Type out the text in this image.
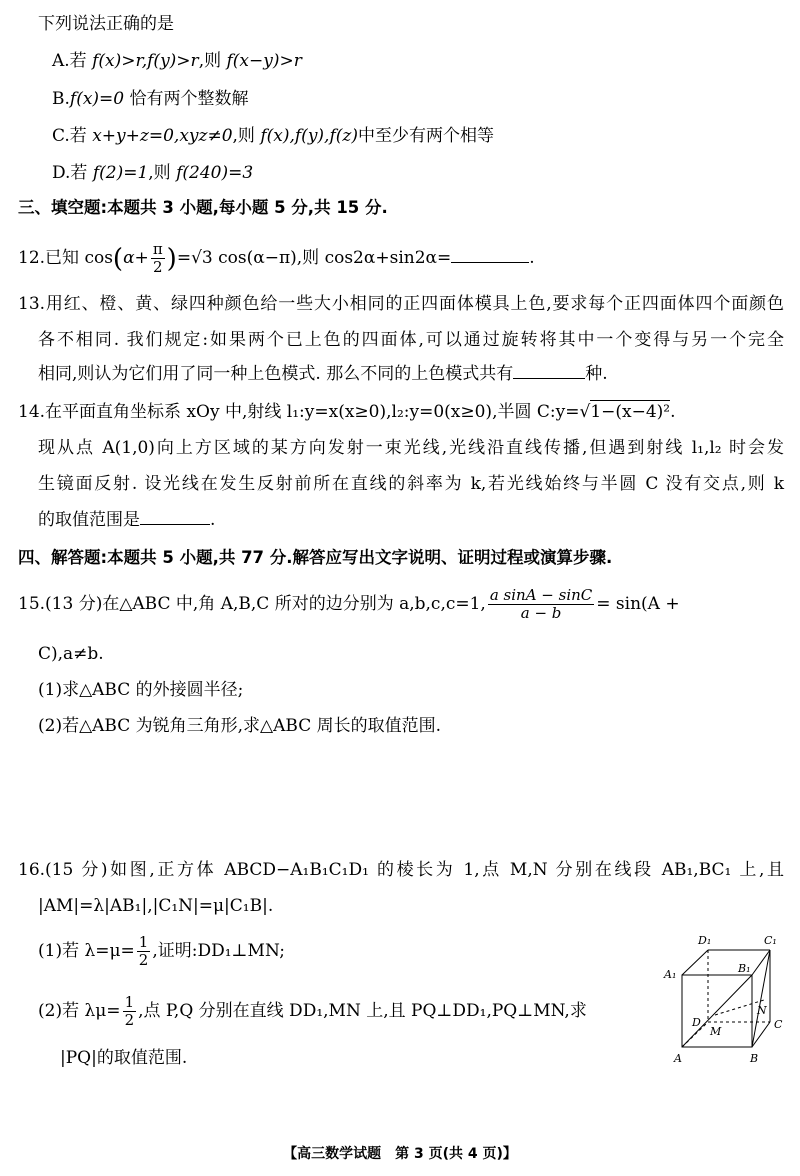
下列说法正确的是
A.若 f(x)>r,f(y)>r,则 f(x−y)>r
B.f(x)=0 恰有两个整数解
C.若 x+y+z=0,xyz≠0,则 f(x),f(y),f(z)中至少有两个相等
D.若 f(2)=1,则 f(240)=3
三、填空题:本题共 3 小题,每小题 5 分,共 15 分.
12.已知 $\cos(\alpha+ \frac{\pi}{2} )=√3$ cos(α−π),则 cos2α+sin2α=	.
13.用红、橙、黄、绿四种颜色给一些大小相同的正四面体模具上色,要求每个正四面体四个面颜色
各不相同. 我们规定:如果两个已上色的四面体,可以通过旋转将其中一个变得与另一个完全
相同,则认为它们用了同一种上色模式. 那么不同的上色模式共有	种.
14.在平面直角坐标系 xOy 中,射线 l₁:y=x(x≥0),l₂:y=0(x≥0),半圆 C:y=√1−(x−4)².
现从点 A(1,0)向上方区域的某方向发射一束光线,光线沿直线传播,但遇到射线 l₁,l₂ 时会发
生镜面反射. 设光线在发生反射前所在直线的斜率为 k,若光线始终与半圆 C 没有交点,则 k
的取值范围是	.
四、解答题:本题共 5 小题,共 77 分.解答应写出文字说明、证明过程或演算步骤.
15.(13 分)在△ABC 中,角 A,B,C 所对的边分别为 a,b,c,c=1, $\frac{\text{a sinA − sinC}}{a - b} = \sin(A$ +
C),a≠b.
(1)求△ABC 的外接圆半径;
(2)若△ABC 为锐角三角形,求△ABC 周长的取值范围.
16.(15 分)如图,正方体 ABCD−A₁B₁C₁D₁ 的棱长为 1,点 M,N 分别在线段 AB₁,BC₁ 上,且
|AM|=λ|AB₁|,|C₁N|=μ|C₁B|.
(1)若 $\lambda=\mu= \frac{1}{2}$ ,证明:DD₁⊥MN;
(2)若 $\lambda\mu= \frac{1}{2}$ ,点 P,Q 分别在直线 DD₁,MN 上,且 PQ⊥DD₁,PQ⊥MN,求
|PQ|的取值范围.
D₁	C₁
A₁	B₁
D	C
A	B
M
N
【高三数学试题　第 3 页(共 4 页)】
